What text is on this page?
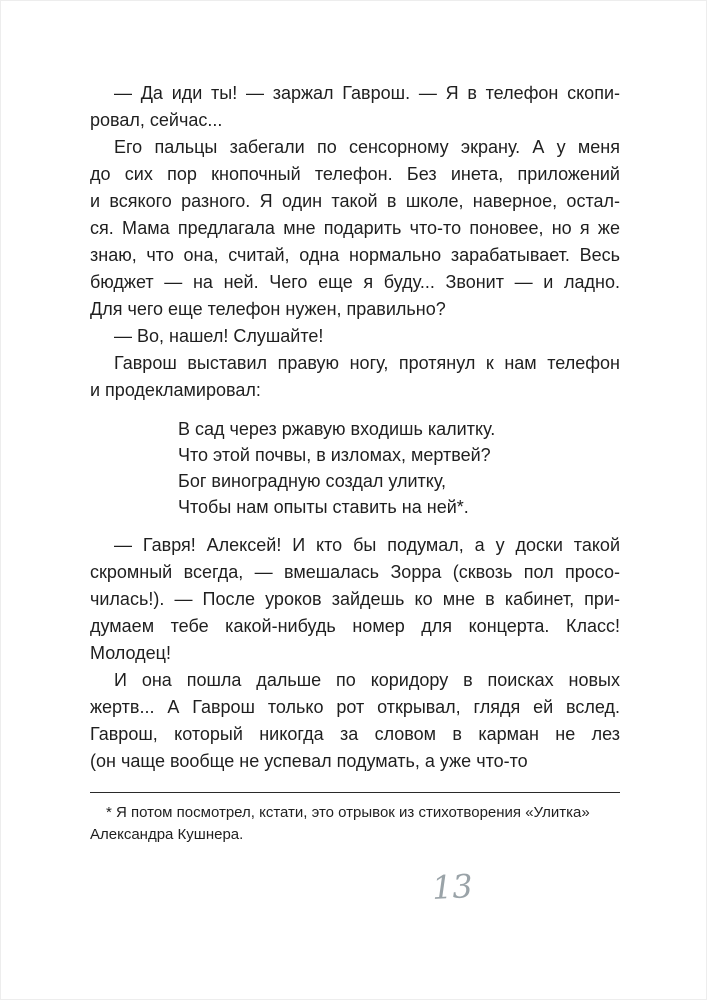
— Да иди ты! — заржал Гаврош. — Я в телефон скопи-
ровал, сейчас...
Его пальцы забегали по сенсорному экрану. А у меня
до сих пор кнопочный телефон. Без инета, приложений
и всякого разного. Я один такой в школе, наверное, остал-
ся. Мама предлагала мне подарить что-то поновее, но я же
знаю, что она, считай, одна нормально зарабатывает. Весь
бюджет — на ней. Чего еще я буду... Звонит — и ладно.
Для чего еще телефон нужен, правильно?
— Во, нашел! Слушайте!
Гаврош выставил правую ногу, протянул к нам телефон
и продекламировал:
В сад через ржавую входишь калитку.
Что этой почвы, в изломах, мертвей?
Бог виноградную создал улитку,
Чтобы нам опыты ставить на ней*.
— Гавря! Алексей! И кто бы подумал, а у доски такой
скромный всегда, — вмешалась Зорра (сквозь пол просо-
чилась!). — После уроков зайдешь ко мне в кабинет, при-
думаем тебе какой-нибудь номер для концерта. Класс!
Молодец!
И она пошла дальше по коридору в поисках новых
жертв... А Гаврош только рот открывал, глядя ей вслед.
Гаврош, который никогда за словом в карман не лез
(он чаще вообще не успевал подумать, а уже что-то
* Я потом посмотрел, кстати, это отрывок из стихотворения «Улитка»
Александра Кушнера.
13
